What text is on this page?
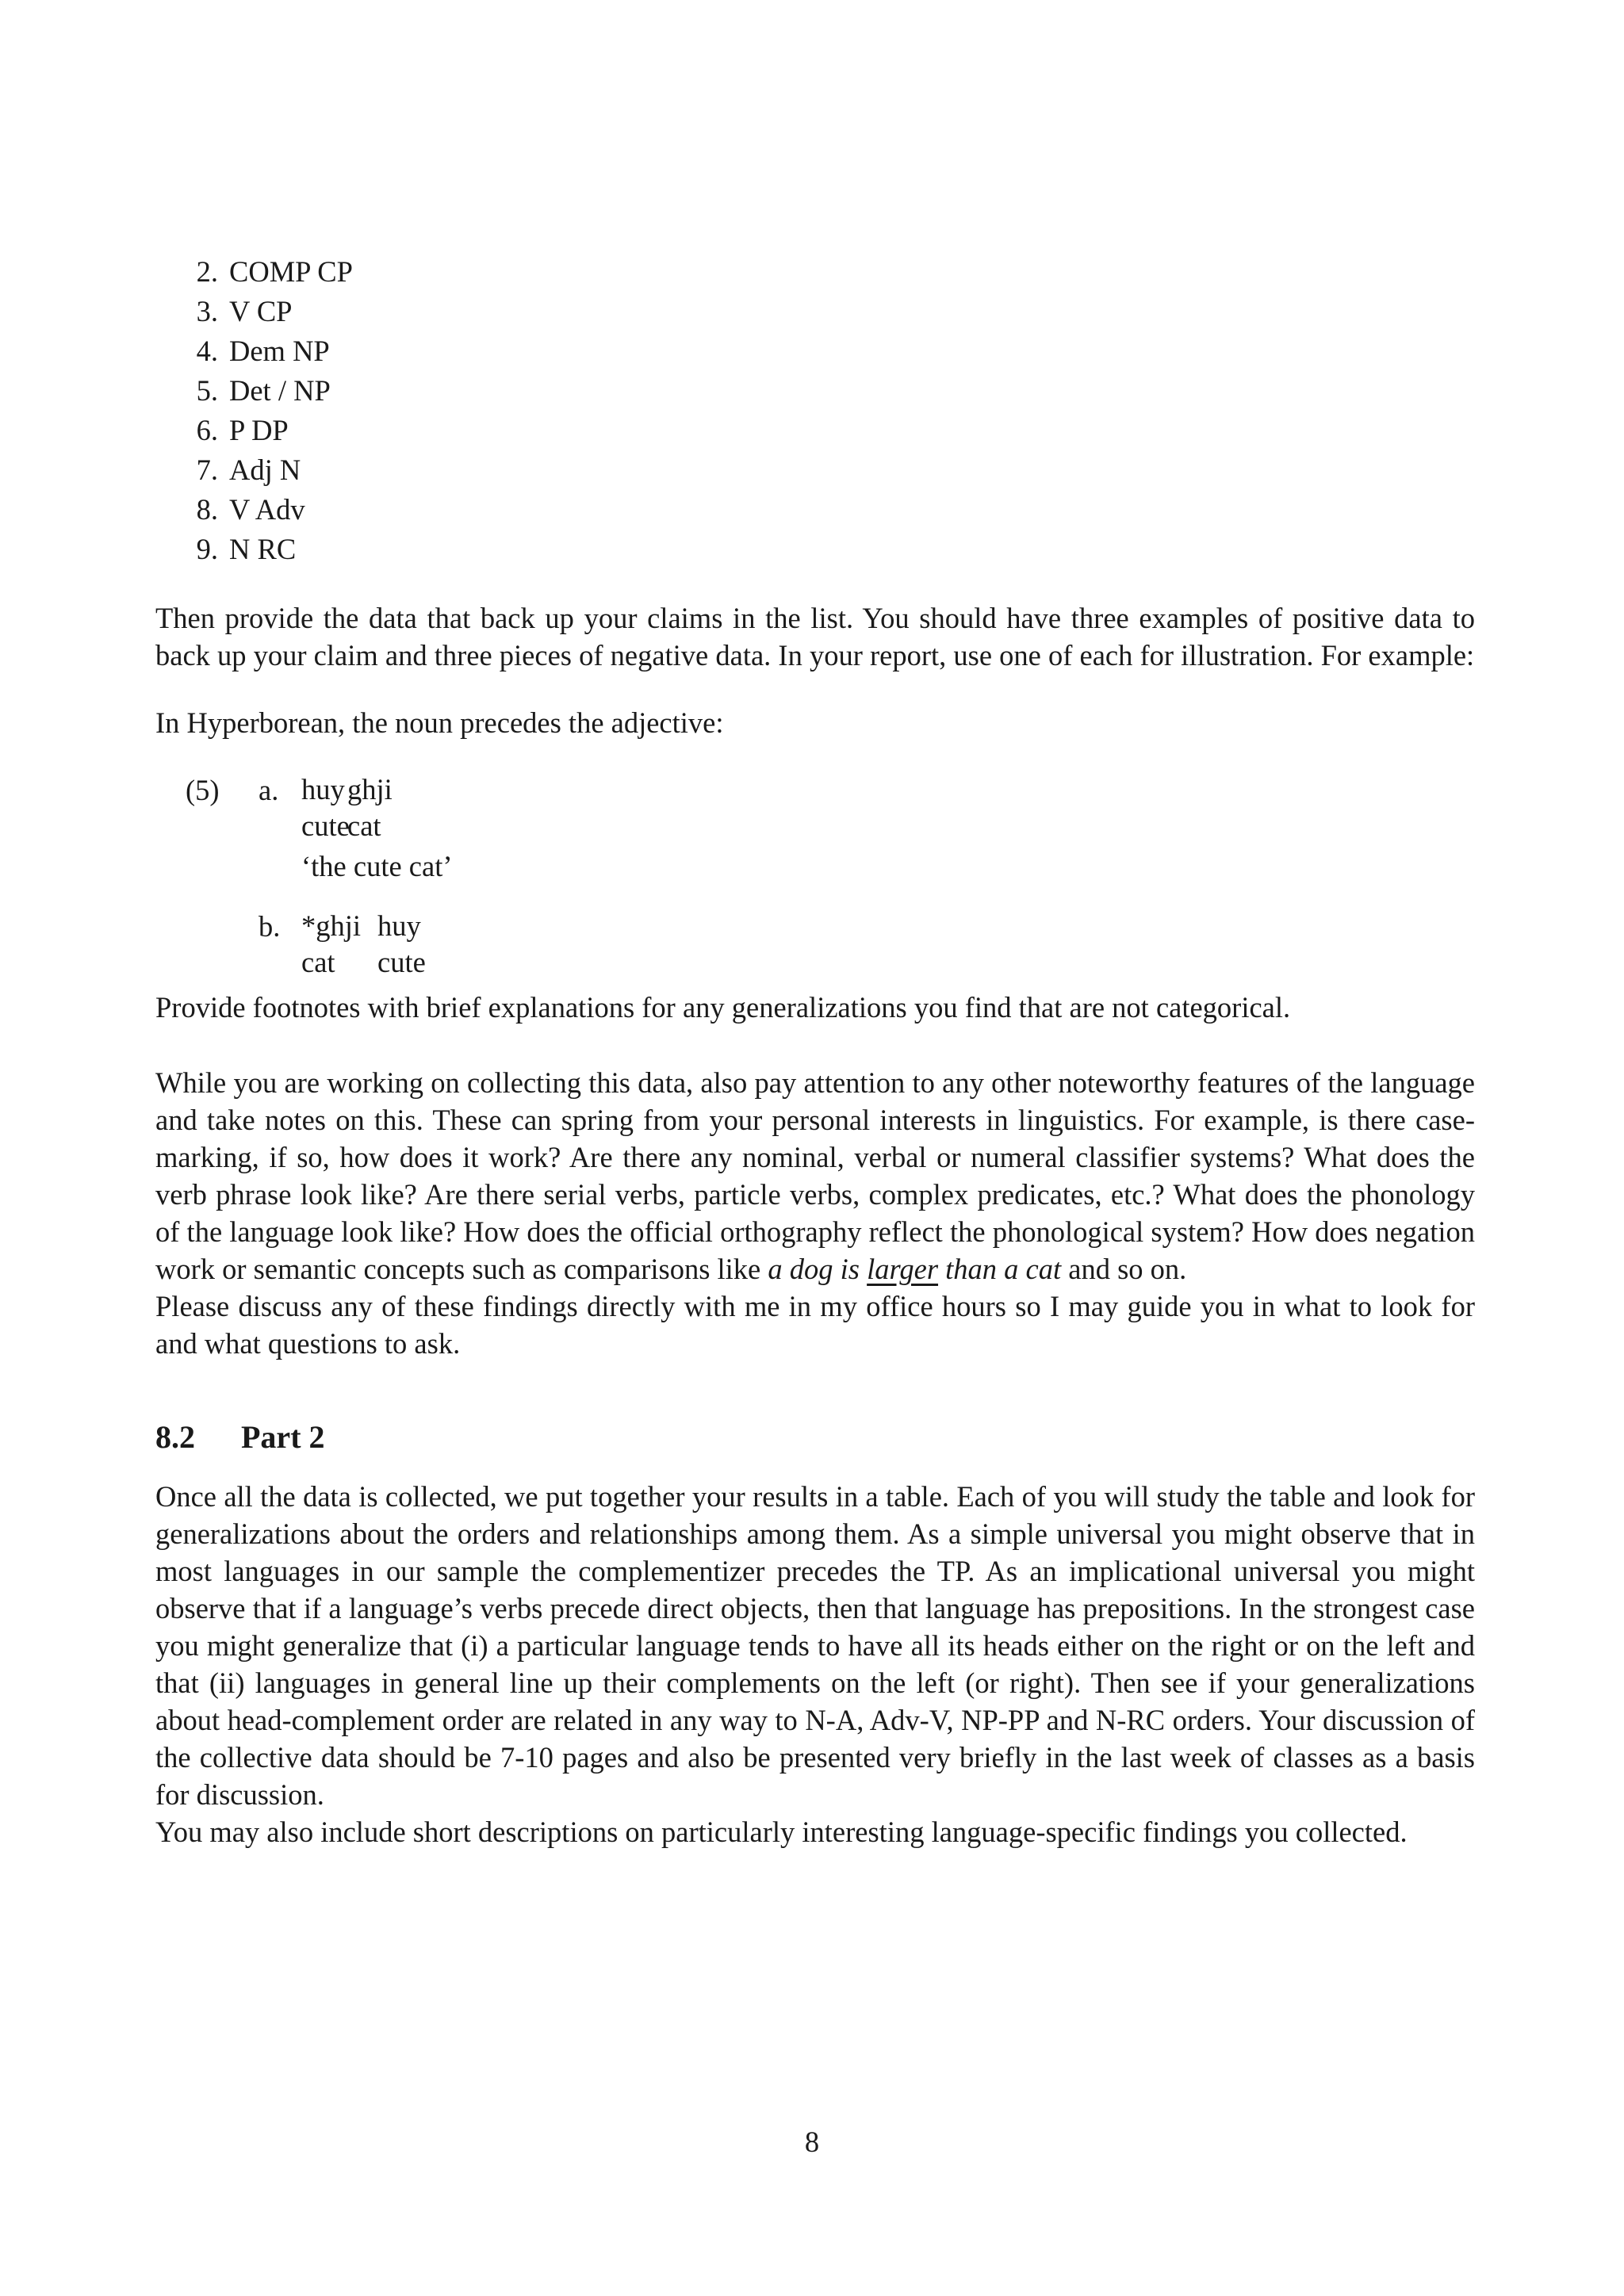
2. COMP CP
3. V CP
4. Dem NP
5. Det / NP
6. P DP
7. Adj N
8. V Adv
9. N RC

Then provide the data that back up your claims in the list. You should have three examples of positive data to back up your claim and three pieces of negative data. In your report, use one of each for illustration. For example:

In Hyperborean, the noun precedes the adjective:

(5) a. huy ghji
cute
cat
‘the cute cat’
b. *ghji huy
cat	cute

Provide footnotes with brief explanations for any generalizations you find that are not categorical.

While you are working on collecting this data, also pay attention to any other noteworthy features of the language and take notes on this. These can spring from your personal interests in linguistics. For example, is there case-marking, if so, how does it work? Are there any nominal, verbal or numeral classifier systems? What does the verb phrase look like? Are there serial verbs, particle verbs, complex predicates, etc.? What does the phonology of the language look like? How does the official orthography reflect the phonological system? How does negation work or semantic concepts such as comparisons like a dog is larger than a cat and so on.

Please discuss any of these findings directly with me in my office hours so I may guide you in what to look for and what questions to ask.

8.2	Part 2

Once all the data is collected, we put together your results in a table. Each of you will study the table and look for generalizations about the orders and relationships among them. As a simple universal you might observe that in most languages in our sample the complementizer precedes the TP. As an implicational universal you might observe that if a language’s verbs precede direct objects, then that language has prepositions. In the strongest case you might generalize that (i) a particular language tends to have all its heads either on the right or on the left and that (ii) languages in general line up their complements on the left (or right). Then see if your generalizations about head-complement order are related in any way to N-A, Adv-V, NP-PP and N-RC orders. Your discussion of the collective data should be 7-10 pages and also be presented very briefly in the last week of classes as a basis for discussion.

You may also include short descriptions on particularly interesting language-specific findings you collected.

8
